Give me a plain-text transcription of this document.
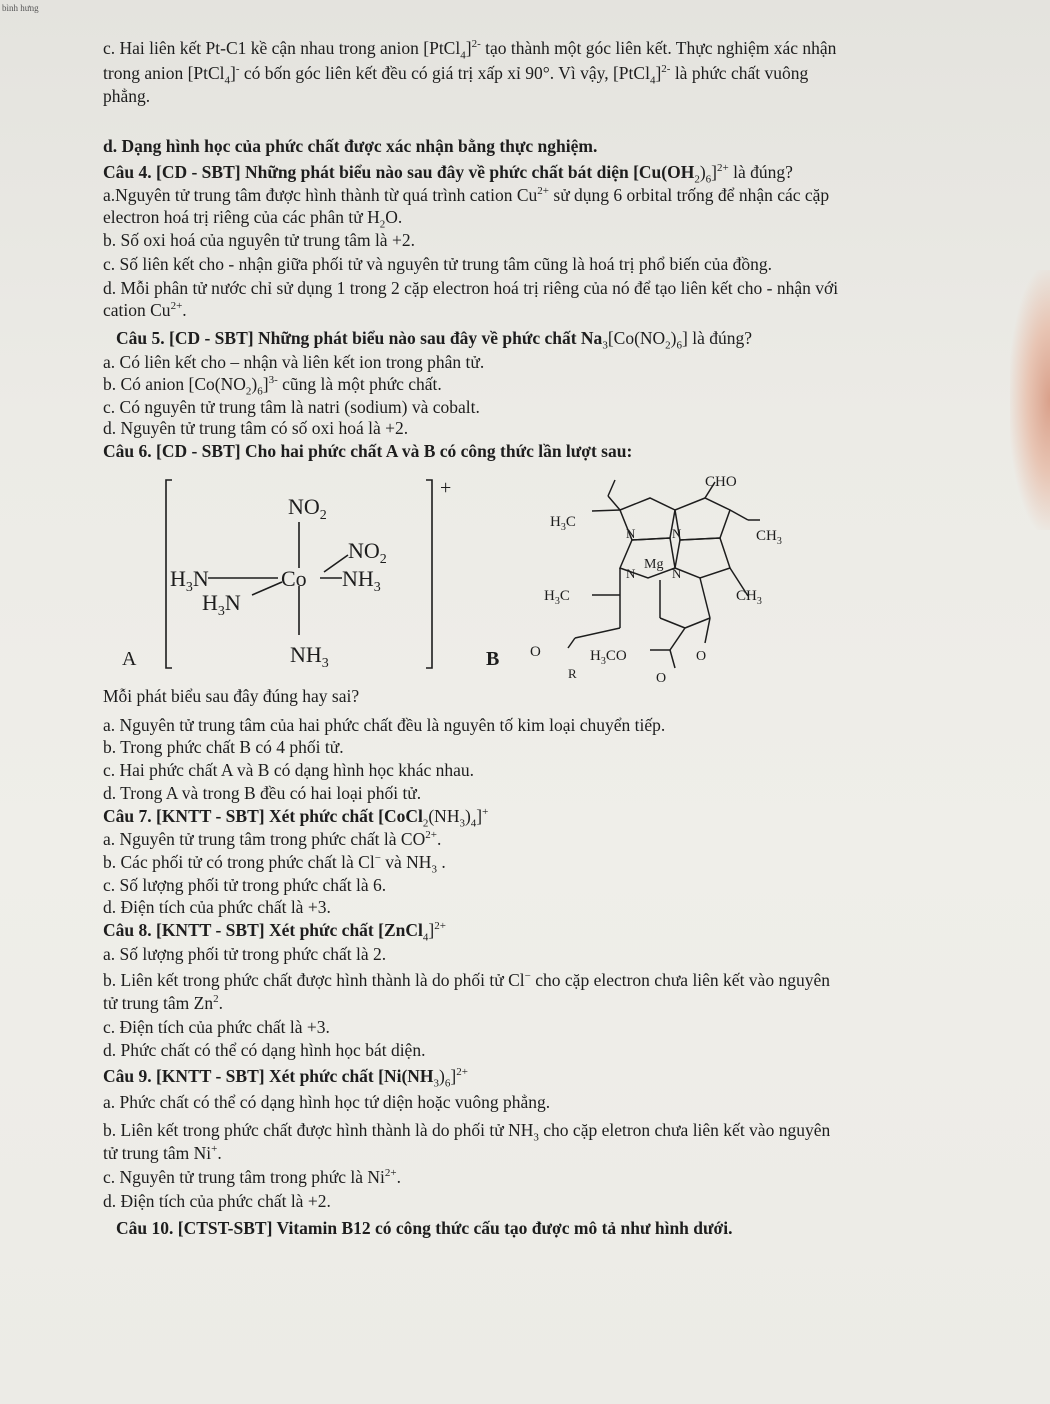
bình hưng
c. Hai liên kết Pt-C1 kề cận nhau trong anion [PtCl$_4$]$^{2-}$ tạo thành một góc liên kết. Thực nghiệm xác nhận
trong anion [PtCl$_4$]- có bốn góc liên kết đều có giá trị xấp xỉ 90°. Vì vậy, [PtCl$_4$]$^{2-}$ là phức chất vuông
phẳng.
d. Dạng hình học của phức chất được xác nhận bằng thực nghiệm.
Câu 4. [CD - SBT] Những phát biểu nào sau đây về phức chất bát diện $[Cu(OH_2)_6]^{2+}$ là đúng?
a.Nguyên tử trung tâm được hình thành từ quá trình cation $Cu^{2+}$ sử dụng 6 orbital trống để nhận các cặp
electron hoá trị riêng của các phân tử $H_2O$.
b. Số oxi hoá của nguyên tử trung tâm là +2.
c. Số liên kết cho - nhận giữa phối tử và nguyên tử trung tâm cũng là hoá trị phổ biến của đồng.
d. Mỗi phân tử nước chỉ sử dụng 1 trong 2 cặp electron hoá trị riêng của nó để tạo liên kết cho - nhận với
cation $Cu^{2+}$.
Câu 5. [CD - SBT] Những phát biểu nào sau đây về phức chất $Na_3[Co(NO_2)_6]$ là đúng?
a. Có liên kết cho – nhận và liên kết ion trong phân tử.
b. Có anion $[Co(NO_2)_6]^{3-}$ cũng là một phức chất.
c. Có nguyên tử trung tâm là natri (sodium) và cobalt.
d. Nguyên tử trung tâm có số oxi hoá là +2.
Câu 6. [CD - SBT] Cho hai phức chất A và B có công thức lần lượt sau:
+
$NO_2$
$NO_2$
$NH_3$
Co
$H_3N$
$H_3N$
$NH_3$
A
CHO
$H_3C$
$CH_3$
Mg
N	N
N	N
$H_3C$	$CH_3$
O
R
$H_3CO$	O
O
B
Mỗi phát biểu sau đây đúng hay sai?
a. Nguyên tử trung tâm của hai phức chất đều là nguyên tố kim loại chuyển tiếp.
b. Trong phức chất B có 4 phối tử.
c. Hai phức chất A và B có dạng hình học khác nhau.
d. Trong A và trong B đều có hai loại phối tử.
Câu 7. [KNTT - SBT] Xét phức chất $[CoCl_2(NH_3)_4]^+$
a. Nguyên tử trung tâm trong phức chất là $CO^{2+}$.
b. Các phối tử có trong phức chất là Cl− và $NH_3$ .
c. Số lượng phối tử trong phức chất là 6.
d. Điện tích của phức chất là +3.
Câu 8. [KNTT - SBT] Xét phức chất [ZnCl$_4$]$^{2+}$
a. Số lượng phối tử trong phức chất là 2.
b. Liên kết trong phức chất được hình thành là do phối tử Cl− cho cặp electron chưa liên kết vào nguyên
tử trung tâm Zn$^2$.
c. Điện tích của phức chất là +3.
d. Phức chất có thể có dạng hình học bát diện.
Câu 9. [KNTT - SBT] Xét phức chất $[Ni(NH_3)_6]^{2+}$
a. Phức chất có thể có dạng hình học tứ diện hoặc vuông phẳng.
b. Liên kết trong phức chất được hình thành là do phối tử $NH_3$ cho cặp eletron chưa liên kết vào nguyên
tử trung tâm Ni+.
c. Nguyên tử trung tâm trong phức là $Ni^{2+}$.
d. Điện tích của phức chất là +2.
Câu 10. [CTST-SBT] Vitamin B12 có công thức cấu tạo được mô tả như hình dưới.
